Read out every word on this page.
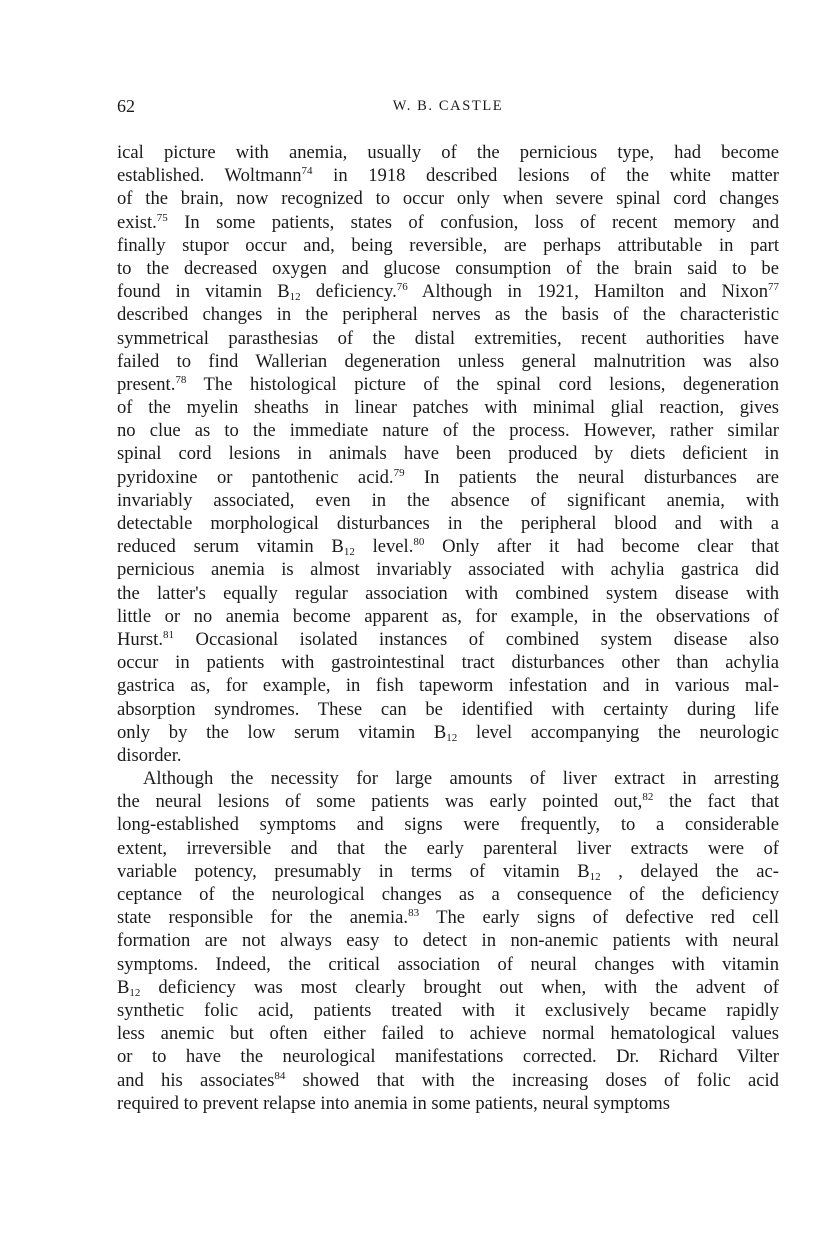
62	W. B. CASTLE
ical picture with anemia, usually of the pernicious type, had become
established. Woltmann$^{74}$ in 1918 described lesions of the white matter
of the brain, now recognized to occur only when severe spinal cord changes
exist.$^{75}$ In some patients, states of confusion, loss of recent memory and
finally stupor occur and, being reversible, are perhaps attributable in part
to the decreased oxygen and glucose consumption of the brain said to be
found in vitamin $B_{12}$ deficiency.$^{76}$ Although in 1921, Hamilton and Nixon$^{77}$
described changes in the peripheral nerves as the basis of the characteristic
symmetrical parasthesias of the distal extremities, recent authorities have
failed to find Wallerian degeneration unless general malnutrition was also
present.$^{78}$ The histological picture of the spinal cord lesions, degeneration
of the myelin sheaths in linear patches with minimal glial reaction, gives
no clue as to the immediate nature of the process. However, rather similar
spinal cord lesions in animals have been produced by diets deficient in
pyridoxine or pantothenic acid.$^{79}$ In patients the neural disturbances are
invariably associated, even in the absence of significant anemia, with
detectable morphological disturbances in the peripheral blood and with a
reduced serum vitamin $B_{12}$ level.$^{80}$ Only after it had become clear that
pernicious anemia is almost invariably associated with achylia gastrica did
the latter's equally regular association with combined system disease with
little or no anemia become apparent as, for example, in the observations of
Hurst.$^{81}$ Occasional isolated instances of combined system disease also
occur in patients with gastrointestinal tract disturbances other than achylia
gastrica as, for example, in fish tapeworm infestation and in various mal-
absorption syndromes. These can be identified with certainty during life
only by the low serum vitamin $B_{12}$ level accompanying the neurologic
disorder.
Although the necessity for large amounts of liver extract in arresting
the neural lesions of some patients was early pointed out,$^{82}$ the fact that
long-established symptoms and signs were frequently, to a considerable
extent, irreversible and that the early parenteral liver extracts were of
variable potency, presumably in terms of vitamin $B_{12}$ , delayed the ac-
ceptance of the neurological changes as a consequence of the deficiency
state responsible for the anemia.$^{83}$ The early signs of defective red cell
formation are not always easy to detect in non-anemic patients with neural
symptoms. Indeed, the critical association of neural changes with vitamin
$B_{12}$ deficiency was most clearly brought out when, with the advent of
synthetic folic acid, patients treated with it exclusively became rapidly
less anemic but often either failed to achieve normal hematological values
or to have the neurological manifestations corrected. Dr. Richard Vilter
and his associates$^{84}$ showed that with the increasing doses of folic acid
required to prevent relapse into anemia in some patients, neural symptoms
